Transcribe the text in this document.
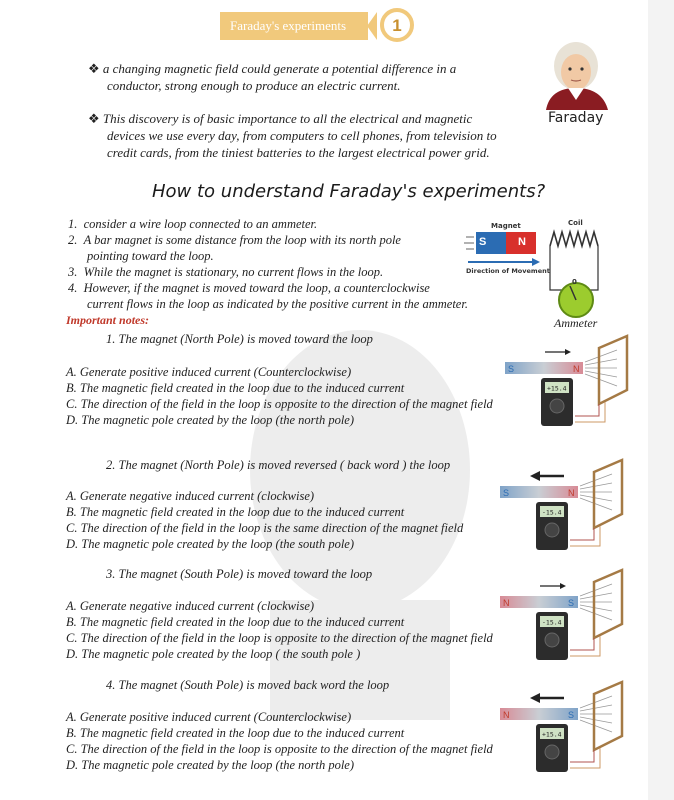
Faraday's experiments	1
❖ a changing magnetic field could generate a potential difference in a
conductor, strong enough to produce an electric current.
❖ This discovery is of basic importance to all the electrical and magnetic
devices we use every day, from computers to cell phones, from television to
credit cards, from the tiniest batteries to the largest electrical power grid.
Faraday
How to understand Faraday's experiments?
1. consider a wire loop connected to an ammeter.
2. A bar magnet is some distance from the loop with its north pole
pointing toward the loop.
3. While the magnet is stationary, no current flows in the loop.
4. However, if the magnet is moved toward the loop, a counterclockwise
current flows in the loop as indicated by the positive current in the ammeter.
Magnet	Coil
S	N
Direction of Movement
0
Ammeter
Important notes:
1. The magnet (North Pole) is moved toward the loop
A. Generate positive induced current (Counterclockwise)
B. The magnetic field created in the loop due to the induced current
C. The direction of the field in the loop is opposite to the direction of the magnet field
D. The magnetic pole created by the loop (the north pole)
2. The magnet (North Pole) is moved reversed ( back word ) the loop
A. Generate negative induced current (clockwise)
B. The magnetic field created in the loop due to the induced current
C. The direction of the field in the loop is the same direction of the magnet field
D. The magnetic pole created by the loop (the south pole)
3. The magnet (South Pole) is moved toward the loop
A. Generate negative induced current (clockwise)
B. The magnetic field created in the loop due to the induced current
C. The direction of the field in the loop is opposite to the direction of the magnet field
D. The magnetic pole created by the loop ( the south pole )
4. The magnet (South Pole) is moved back word the loop
A. Generate positive induced current (Counterclockwise)
B. The magnetic field created in the loop due to the induced current
C. The direction of the field in the loop is opposite to the direction of the magnet field
D. The magnetic pole created by the loop (the north pole)
S	N
+15.4
S	N
-15.4
N	S
-15.4
N	S
+15.4
